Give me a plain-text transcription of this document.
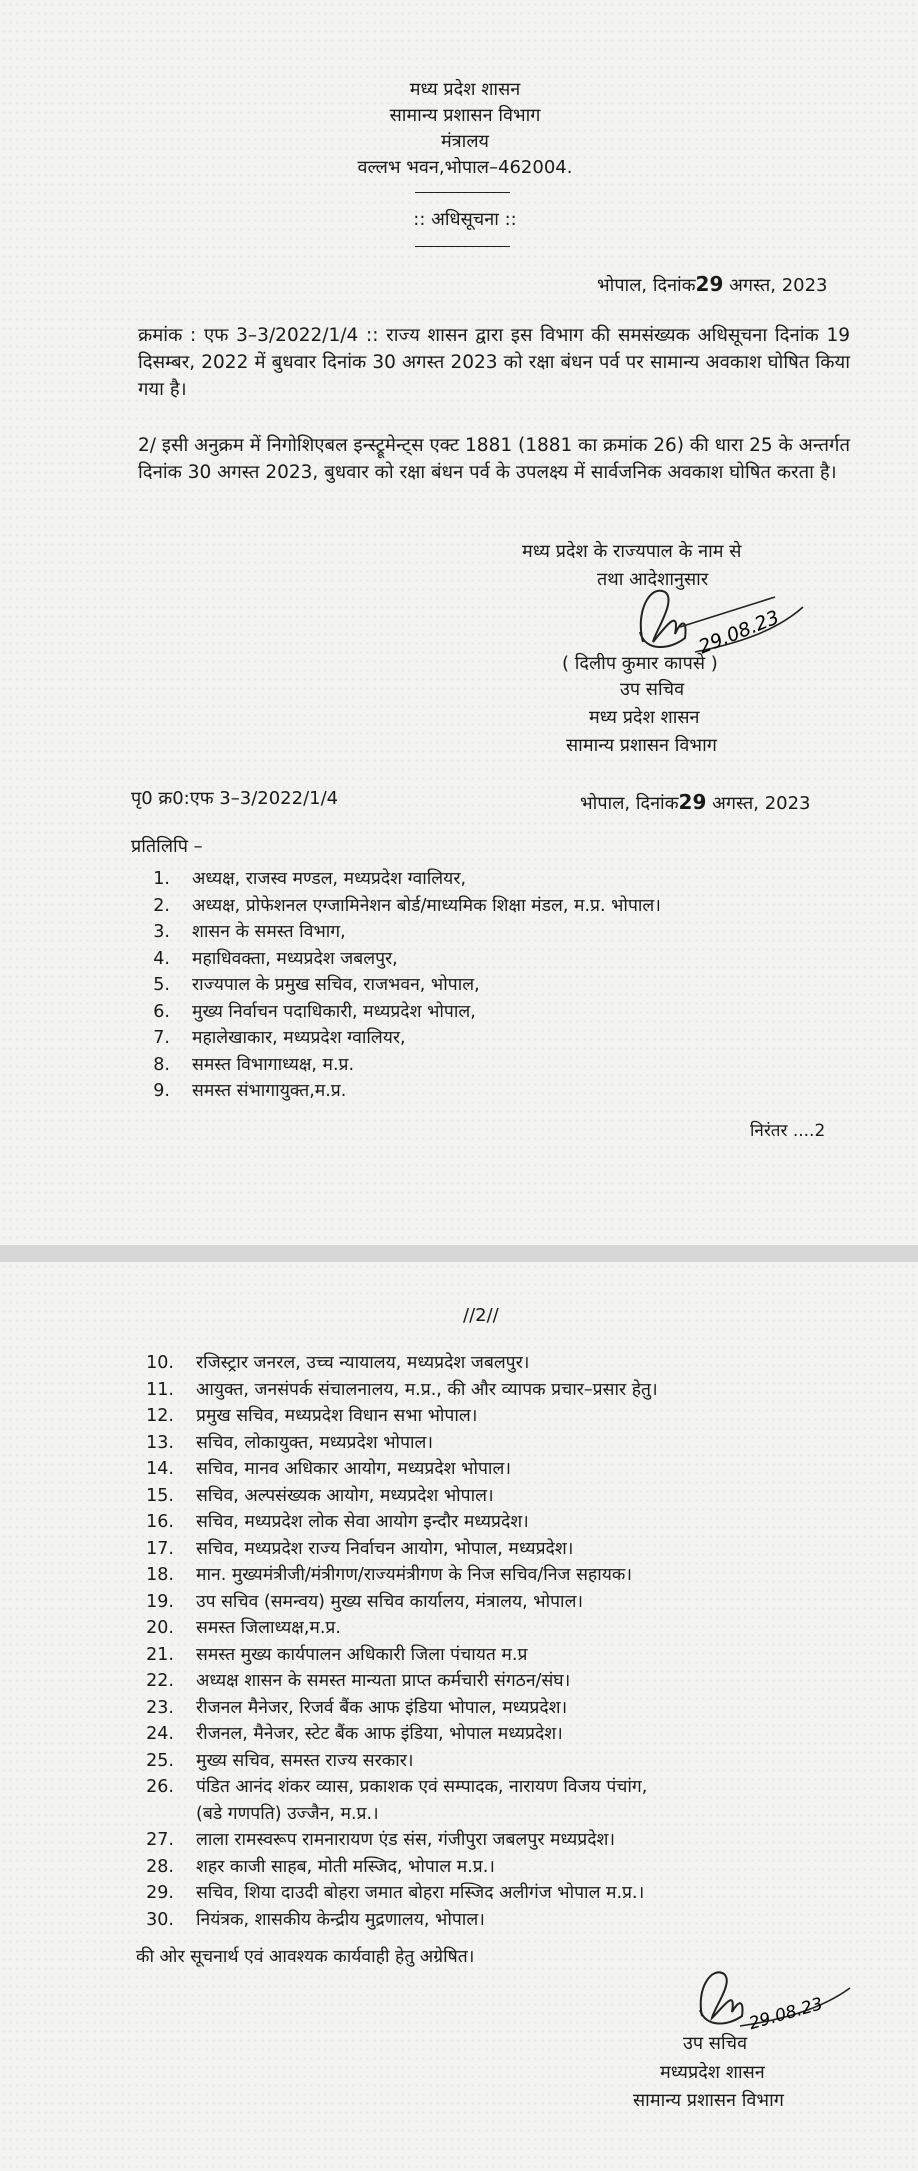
मध्य प्रदेश शासन
सामान्य प्रशासन विभाग
मंत्रालय
वल्लभ भवन,भोपाल–462004.
:: अधिसूचना ::
भोपाल, दिनांक29 अगस्त, 2023
क्रमांक : एफ 3–3/2022/1/4 :: राज्य शासन द्वारा इस विभाग की समसंख्यक अधिसूचना दिनांक 19 दिसम्बर, 2022 में बुधवार दिनांक 30 अगस्त 2023 को रक्षा बंधन पर्व पर सामान्य अवकाश घोषित किया गया है।
2/ इसी अनुक्रम में निगोशिएबल इन्स्ट्रूमेन्ट्स एक्ट 1881 (1881 का क्रमांक 26) की धारा 25 के अन्तर्गत दिनांक 30 अगस्त 2023, बुधवार को रक्षा बंधन पर्व के उपलक्ष्य में सार्वजनिक अवकाश घोषित करता है।
मध्य प्रदेश के राज्यपाल के नाम से
तथा आदेशानुसार
29.08.23
( दिलीप कुमार कापसे )
उप सचिव
मध्य प्रदेश शासन
सामान्य प्रशासन विभाग
पृ0 क्र0:एफ 3–3/2022/1/4	भोपाल, दिनांक29 अगस्त, 2023
प्रतिलिपि –
1. अध्यक्ष, राजस्व मण्डल, मध्यप्रदेश ग्वालियर,
2. अध्यक्ष, प्रोफेशनल एग्जामिनेशन बोर्ड/माध्यमिक शिक्षा मंडल, म.प्र. भोपाल।
3. शासन के समस्त विभाग,
4. महाधिवक्ता, मध्यप्रदेश जबलपुर,
5. राज्यपाल के प्रमुख सचिव, राजभवन, भोपाल,
6. मुख्य निर्वाचन पदाधिकारी, मध्यप्रदेश भोपाल,
7. महालेखाकार, मध्यप्रदेश ग्वालियर,
8. समस्त विभागाध्यक्ष, म.प्र.
9. समस्त संभागायुक्त,म.प्र.
निरंतर ....2
//2//
10. रजिस्ट्रार जनरल, उच्च न्यायालय, मध्यप्रदेश जबलपुर।
11. आयुक्त, जनसंपर्क संचालनालय, म.प्र., की और व्यापक प्रचार–प्रसार हेतु।
12. प्रमुख सचिव, मध्यप्रदेश विधान सभा भोपाल।
13. सचिव, लोकायुक्त, मध्यप्रदेश भोपाल।
14. सचिव, मानव अधिकार आयोग, मध्यप्रदेश भोपाल।
15. सचिव, अल्पसंख्यक आयोग, मध्यप्रदेश भोपाल।
16. सचिव, मध्यप्रदेश लोक सेवा आयोग इन्दौर मध्यप्रदेश।
17. सचिव, मध्यप्रदेश राज्य निर्वाचन आयोग, भोपाल, मध्यप्रदेश।
18. मान. मुख्यमंत्रीजी/मंत्रीगण/राज्यमंत्रीगण के निज सचिव/निज सहायक।
19. उप सचिव (समन्वय) मुख्य सचिव कार्यालय, मंत्रालय, भोपाल।
20. समस्त जिलाध्यक्ष,म.प्र.
21. समस्त मुख्य कार्यपालन अधिकारी जिला पंचायत म.प्र
22. अध्यक्ष शासन के समस्त मान्यता प्राप्त कर्मचारी संगठन/संघ।
23. रीजनल मैनेजर, रिजर्व बैंक आफ इंडिया भोपाल, मध्यप्रदेश।
24. रीजनल, मैनेजर, स्टेट बैंक आफ इंडिया, भोपाल मध्यप्रदेश।
25. मुख्य सचिव, समस्त राज्य सरकार।
26. पंडित आनंद शंकर व्यास, प्रकाशक एवं सम्पादक, नारायण विजय पंचांग,

(बडे गणपति) उज्जैन, म.प्र.।
27. लाला रामस्वरूप रामनारायण एंड संस, गंजीपुरा जबलपुर मध्यप्रदेश।
28. शहर काजी साहब, मोती मस्जिद, भोपाल म.प्र.।
29. सचिव, शिया दाउदी बोहरा जमात बोहरा मस्जिद अलीगंज भोपाल म.प्र.।
30. नियंत्रक, शासकीय केन्द्रीय मुद्रणालय, भोपाल।
की ओर सूचनार्थ एवं आवश्यक कार्यवाही हेतु अग्रेषित।
29.08.23
उप सचिव
मध्यप्रदेश शासन
सामान्य प्रशासन विभाग
